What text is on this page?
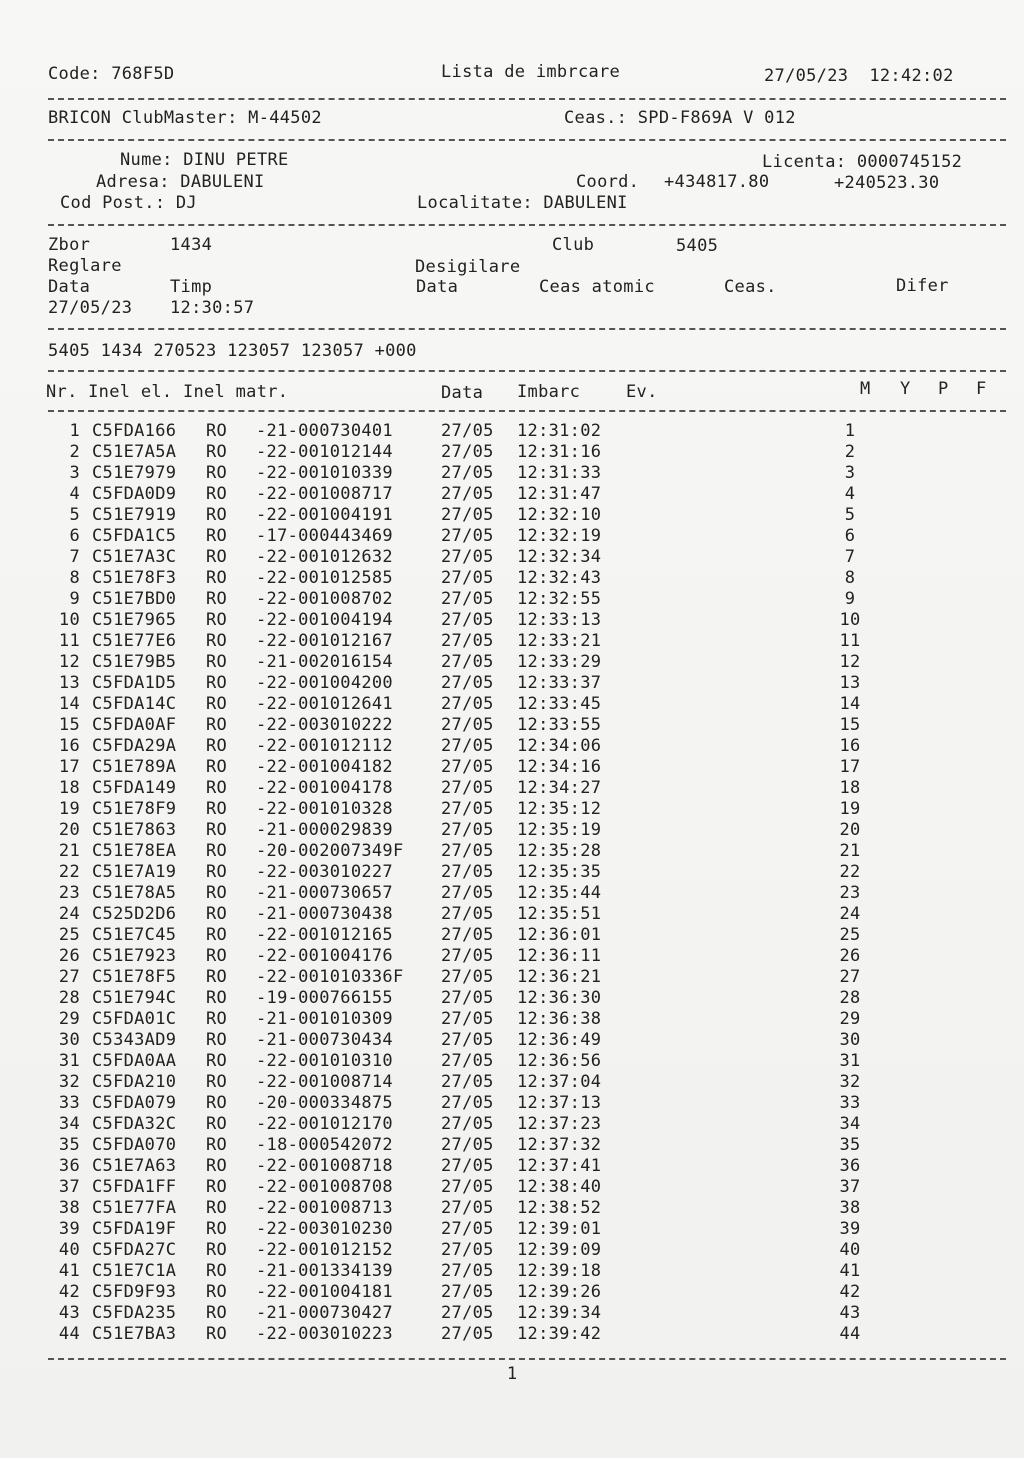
Code: 768F5D	Lista de imbrcare	27/05/23  12:42:02
BRICON ClubMaster: M-44502	Ceas.: SPD-F869A V 012
Nume: DINU PETRE	Licenta: 0000745152
Adresa: DABULENI	Coord. +434817.80	+240523.30
Cod Post.: DJ	Localitate: DABULENI
Zbor	1434	Club	5405
Reglare	Desigilare
Data	Timp	Data	Ceas atomic	Ceas.	Difer
27/05/23 12:30:57
5405 1434 270523 123057 123057 +000
Nr. Inel el. Inel matr.	Data Imbarc	Ev.	M Y P F
1 C5FDA166 RO -21-000730401	27/05 12:31:02	1
2 C51E7A5A RO -22-001012144	27/05 12:31:16	2
3 C51E7979 RO -22-001010339	27/05 12:31:33	3
4 C5FDA0D9 RO -22-001008717	27/05 12:31:47	4
5 C51E7919 RO -22-001004191	27/05 12:32:10	5
6 C5FDA1C5 RO -17-000443469	27/05 12:32:19	6
7 C51E7A3C RO -22-001012632	27/05 12:32:34	7
8 C51E78F3 RO -22-001012585	27/05 12:32:43	8
9 C51E7BD0 RO -22-001008702	27/05 12:32:55	9
10 C51E7965 RO -22-001004194	27/05 12:33:13	10
11 C51E77E6 RO -22-001012167	27/05 12:33:21	11
12 C51E79B5 RO -21-002016154	27/05 12:33:29	12
13 C5FDA1D5 RO -22-001004200	27/05 12:33:37	13
14 C5FDA14C RO -22-001012641	27/05 12:33:45	14
15 C5FDA0AF RO -22-003010222	27/05 12:33:55	15
16 C5FDA29A RO -22-001012112	27/05 12:34:06	16
17 C51E789A RO -22-001004182	27/05 12:34:16	17
18 C5FDA149 RO -22-001004178	27/05 12:34:27	18
19 C51E78F9 RO -22-001010328	27/05 12:35:12	19
20 C51E7863 RO -21-000029839	27/05 12:35:19	20
21 C51E78EA RO -20-002007349F 27/05 12:35:28	21
22 C51E7A19 RO -22-003010227	27/05 12:35:35	22
23 C51E78A5 RO -21-000730657	27/05 12:35:44	23
24 C525D2D6 RO -21-000730438	27/05 12:35:51	24
25 C51E7C45 RO -22-001012165	27/05 12:36:01	25
26 C51E7923 RO -22-001004176	27/05 12:36:11	26
27 C51E78F5 RO -22-001010336F 27/05 12:36:21	27
28 C51E794C RO -19-000766155	27/05 12:36:30	28
29 C5FDA01C RO -21-001010309	27/05 12:36:38	29
30 C5343AD9 RO -21-000730434	27/05 12:36:49	30
31 C5FDA0AA RO -22-001010310	27/05 12:36:56	31
32 C5FDA210 RO -22-001008714	27/05 12:37:04	32
33 C5FDA079 RO -20-000334875	27/05 12:37:13	33
34 C5FDA32C RO -22-001012170	27/05 12:37:23	34
35 C5FDA070 RO -18-000542072	27/05 12:37:32	35
36 C51E7A63 RO -22-001008718	27/05 12:37:41	36
37 C5FDA1FF RO -22-001008708	27/05 12:38:40	37
38 C51E77FA RO -22-001008713	27/05 12:38:52	38
39 C5FDA19F RO -22-003010230	27/05 12:39:01	39
40 C5FDA27C RO -22-001012152	27/05 12:39:09	40
41 C51E7C1A RO -21-001334139	27/05 12:39:18	41
42 C5FD9F93 RO -22-001004181	27/05 12:39:26	42
43 C5FDA235 RO -21-000730427	27/05 12:39:34	43
44 C51E7BA3 RO -22-003010223	27/05 12:39:42	44
1
